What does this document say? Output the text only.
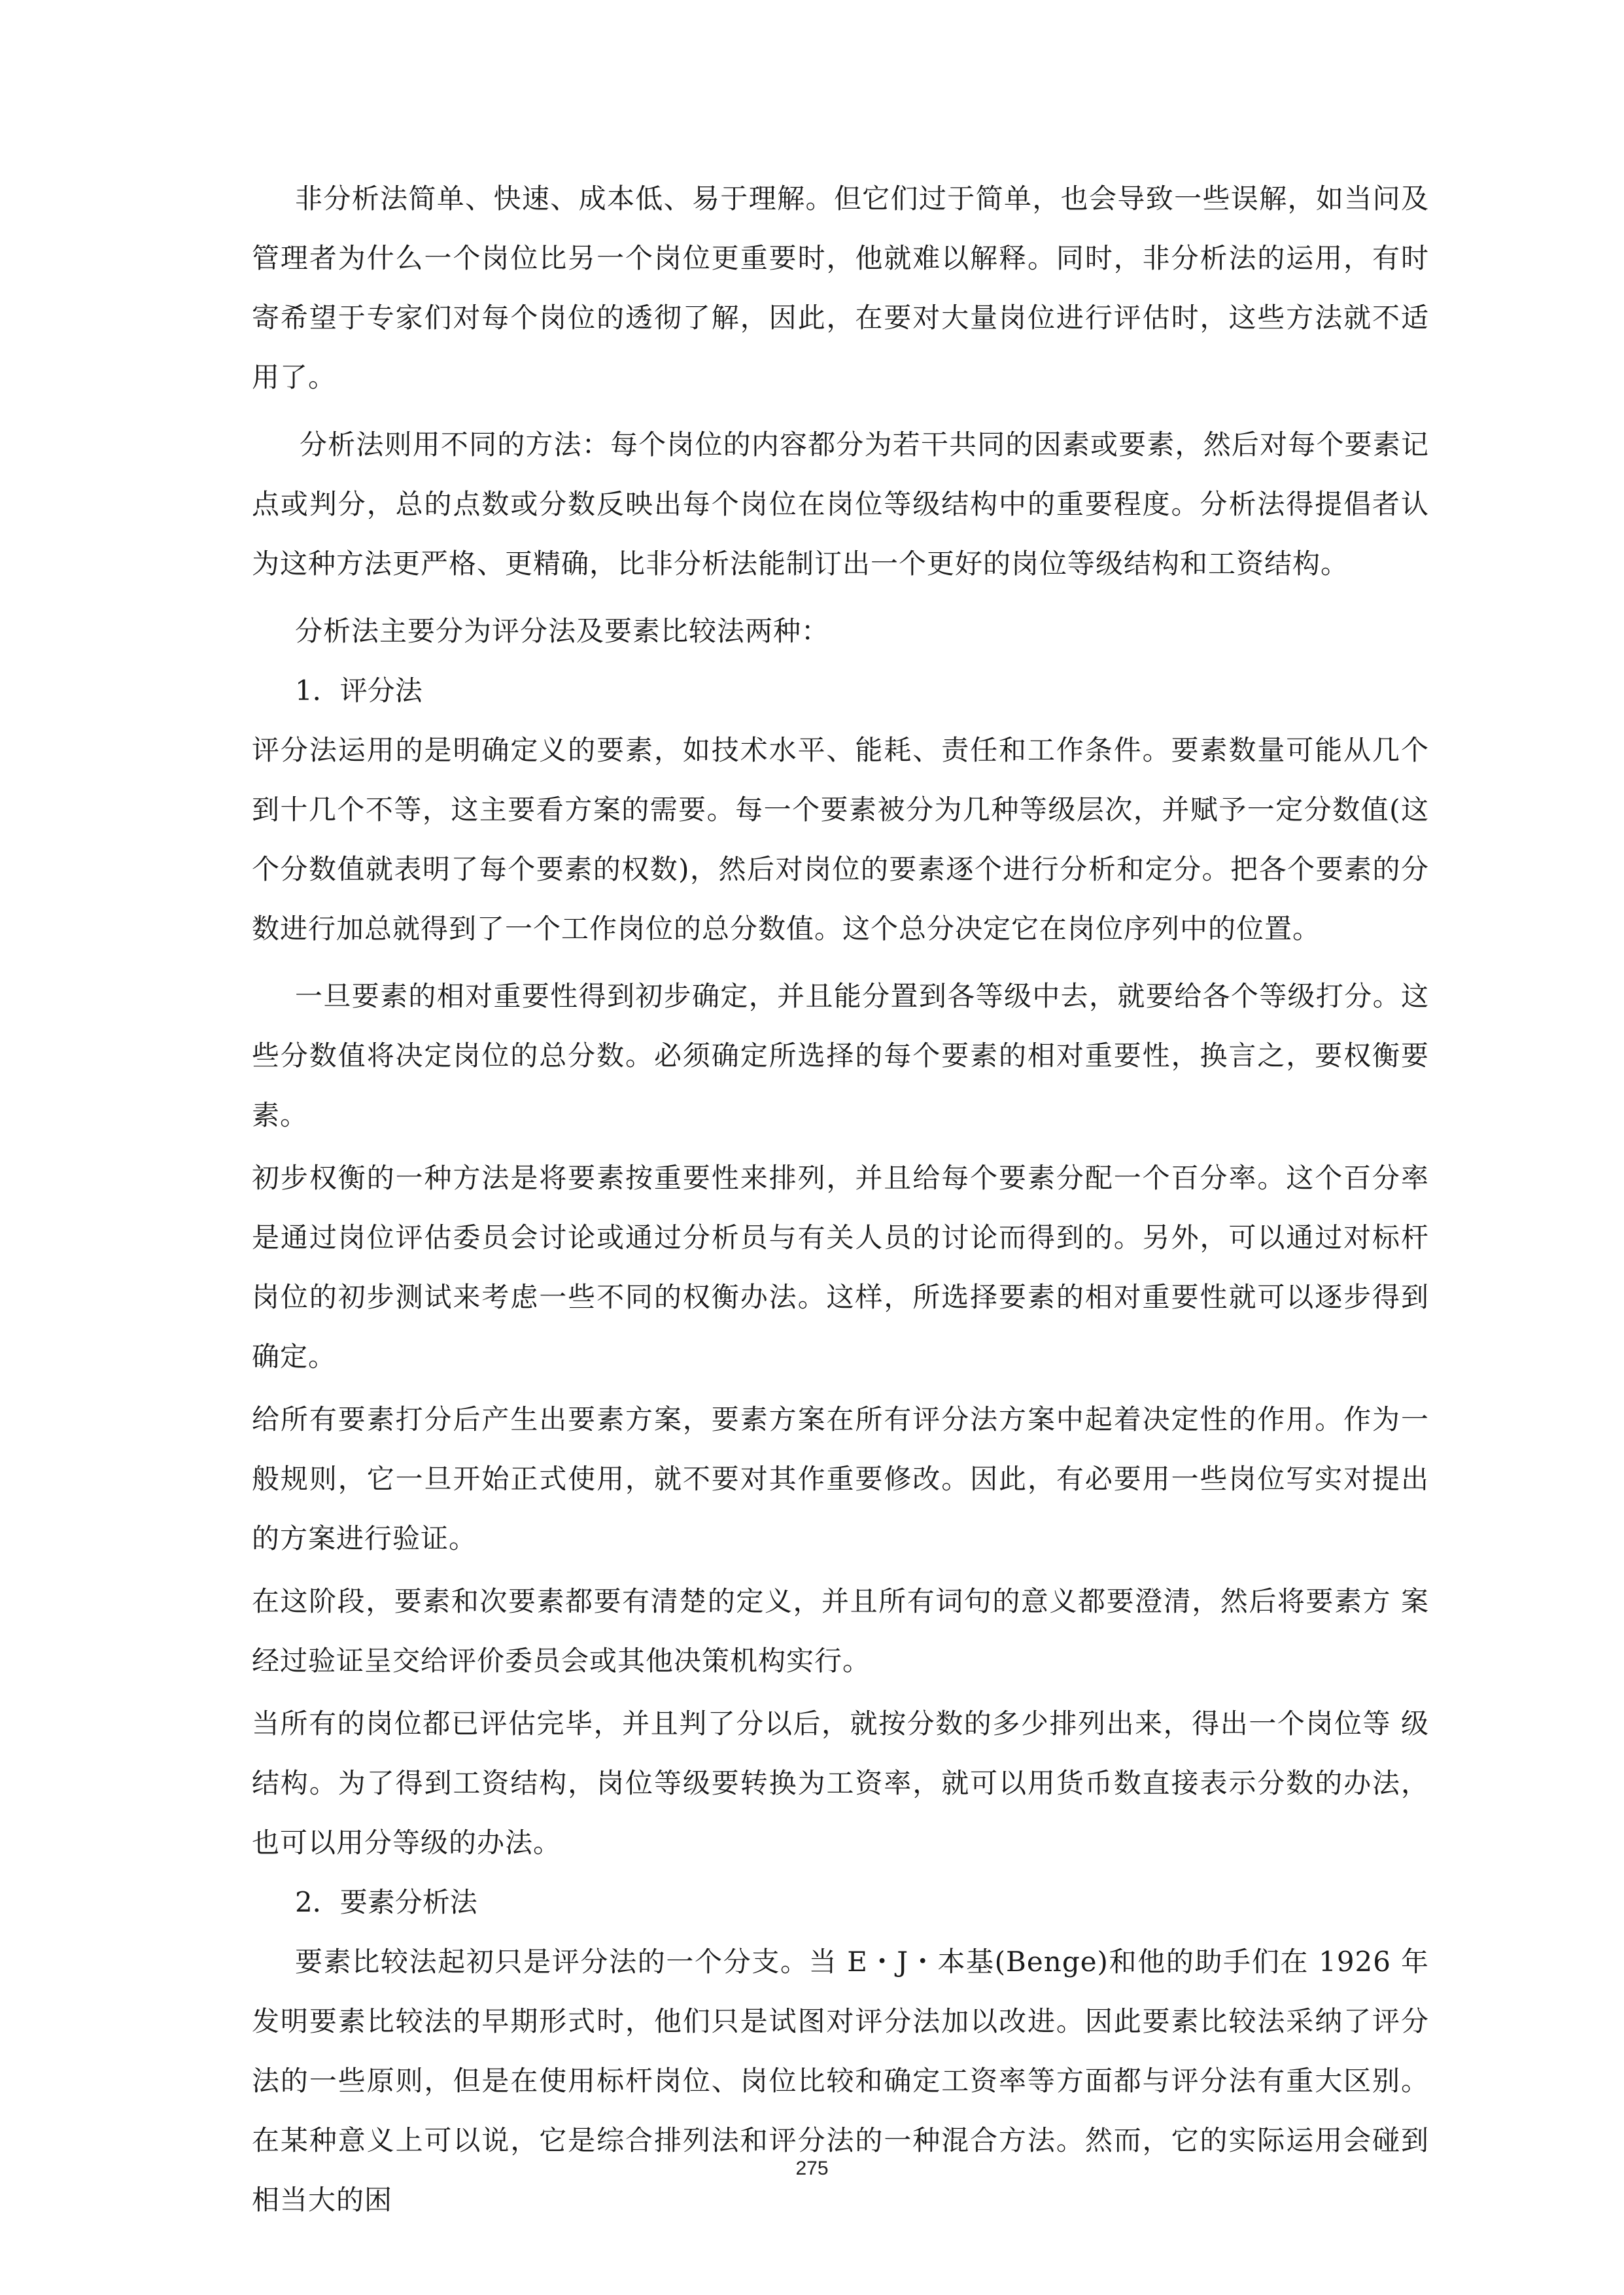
非分析法简单、快速、成本低、易于理解。但它们过于简单，也会导致一些误解，如当问及管理者为什么一个岗位比另一个岗位更重要时，他就难以解释。同时，非分析法的运用，有时寄希望于专家们对每个岗位的透彻了解，因此，在要对大量岗位进行评估时，这些方法就不适用了。

分析法则用不同的方法：每个岗位的内容都分为若干共同的因素或要素，然后对每个要素记点或判分，总的点数或分数反映出每个岗位在岗位等级结构中的重要程度。分析法得提倡者认为这种方法更严格、更精确，比非分析法能制订出一个更好的岗位等级结构和工资结构。

分析法主要分为评分法及要素比较法两种：

1．评分法

评分法运用的是明确定义的要素，如技术水平、能耗、责任和工作条件。要素数量可能从几个到十几个不等，这主要看方案的需要。每一个要素被分为几种等级层次，并赋予一定分数值(这个分数值就表明了每个要素的权数)，然后对岗位的要素逐个进行分析和定分。把各个要素的分数进行加总就得到了一个工作岗位的总分数值。这个总分决定它在岗位序列中的位置。

一旦要素的相对重要性得到初步确定，并且能分置到各等级中去，就要给各个等级打分。这些分数值将决定岗位的总分数。必须确定所选择的每个要素的相对重要性，换言之，要权衡要素。

初步权衡的一种方法是将要素按重要性来排列，并且给每个要素分配一个百分率。这个百分率是通过岗位评估委员会讨论或通过分析员与有关人员的讨论而得到的。另外，可以通过对标杆岗位的初步测试来考虑一些不同的权衡办法。这样，所选择要素的相对重要性就可以逐步得到确定。

给所有要素打分后产生出要素方案，要素方案在所有评分法方案中起着决定性的作用。作为一般规则，它一旦开始正式使用，就不要对其作重要修改。因此，有必要用一些岗位写实对提出的方案进行验证。

在这阶段，要素和次要素都要有清楚的定义，并且所有词句的意义都要澄清，然后将要素方 案经过验证呈交给评价委员会或其他决策机构实行。

当所有的岗位都已评估完毕，并且判了分以后，就按分数的多少排列出来，得出一个岗位等 级结构。为了得到工资结构，岗位等级要转换为工资率，就可以用货币数直接表示分数的办法，也可以用分等级的办法。

2．要素分析法

要素比较法起初只是评分法的一个分支。当 E・J・本基(Benge)和他的助手们在 1926 年发明要素比较法的早期形式时，他们只是试图对评分法加以改进。因此要素比较法采纳了评分法的一些原则，但是在使用标杆岗位、岗位比较和确定工资率等方面都与评分法有重大区别。在某种意义上可以说，它是综合排列法和评分法的一种混合方法。然而，它的实际运用会碰到相当大的困

275
